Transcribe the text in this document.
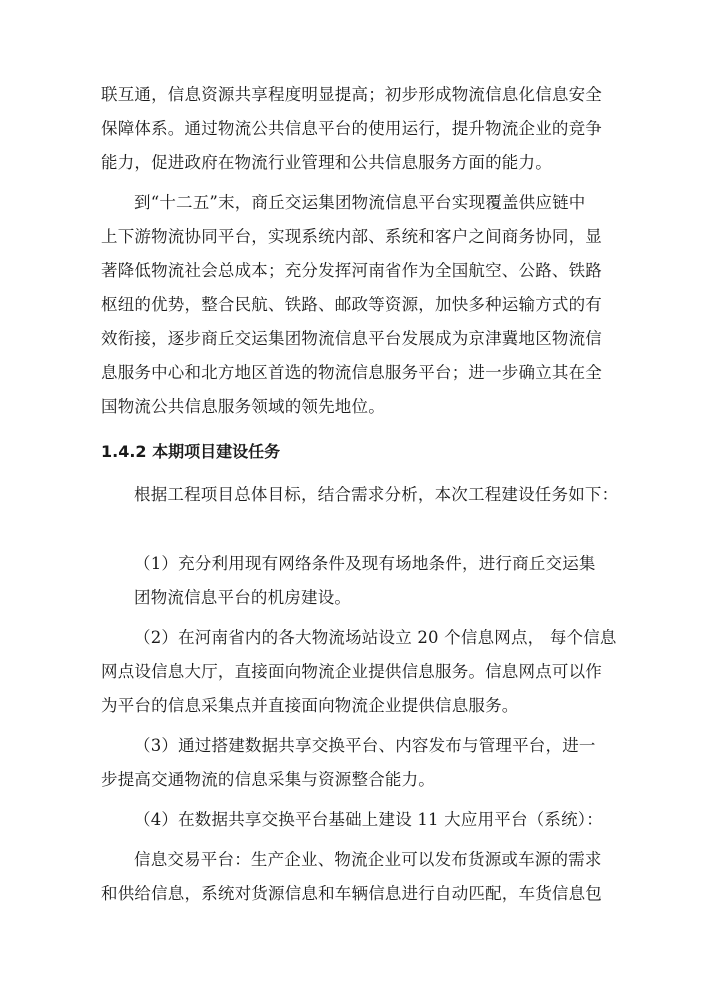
联互通，信息资源共享程度明显提高；初步形成物流信息化信息安全
保障体系。通过物流公共信息平台的使用运行，提升物流企业的竞争
能力，促进政府在物流行业管理和公共信息服务方面的能力。
到“十二五”末，商丘交运集团物流信息平台实现覆盖供应链中
上下游物流协同平台，实现系统内部、系统和客户之间商务协同，显
著降低物流社会总成本；充分发挥河南省作为全国航空、公路、铁路
枢纽的优势，整合民航、铁路、邮政等资源，加快多种运输方式的有
效衔接，逐步商丘交运集团物流信息平台发展成为京津冀地区物流信
息服务中心和北方地区首选的物流信息服务平台；进一步确立其在全
国物流公共信息服务领域的领先地位。
1.4.2 本期项目建设任务
根据工程项目总体目标，结合需求分析，本次工程建设任务如下：
（1）充分利用现有网络条件及现有场地条件，进行商丘交运集
团物流信息平台的机房建设。
（2）在河南省内的各大物流场站设立 20 个信息网点， 每个信息
网点设信息大厅，直接面向物流企业提供信息服务。信息网点可以作
为平台的信息采集点并直接面向物流企业提供信息服务。
（3）通过搭建数据共享交换平台、内容发布与管理平台，进一
步提高交通物流的信息采集与资源整合能力。
（4）在数据共享交换平台基础上建设 11 大应用平台（系统）：
信息交易平台：生产企业、物流企业可以发布货源或车源的需求
和供给信息，系统对货源信息和车辆信息进行自动匹配，车货信息包
